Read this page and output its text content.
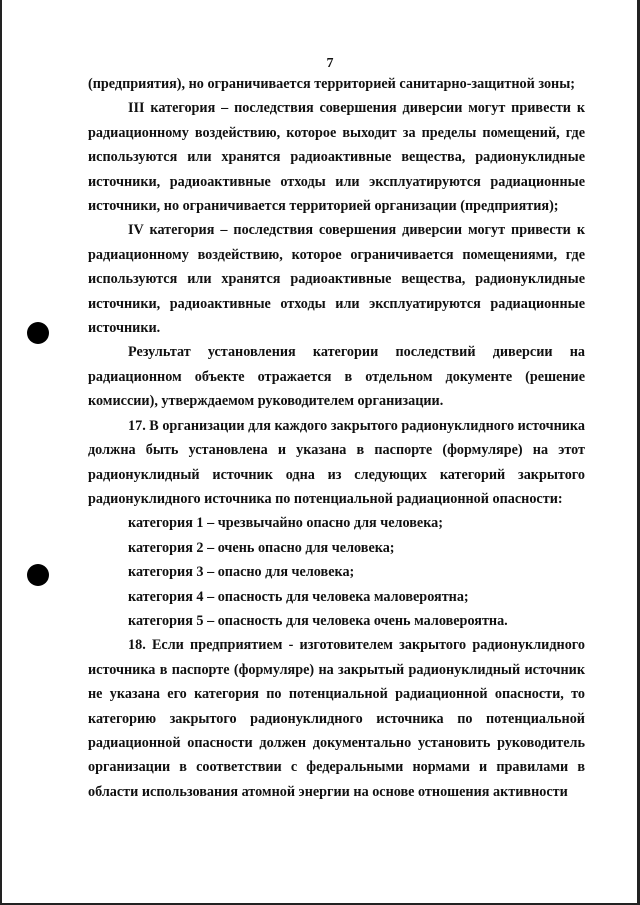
7

(предприятия), но ограничивается территорией санитарно-защитной зоны;

III категория – последствия совершения диверсии могут привести к радиационному воздействию, которое выходит за пределы помещений, где используются или хранятся радиоактивные вещества, радионуклидные источники, радиоактивные отходы или эксплуатируются радиационные источники, но ограничивается территорией организации (предприятия);

IV категория – последствия совершения диверсии могут привести к радиационному воздействию, которое ограничивается помещениями, где используются или хранятся радиоактивные вещества, радионуклидные источники, радиоактивные отходы или эксплуатируются радиационные источники.

Результат установления категории последствий диверсии на радиационном объекте отражается в отдельном документе (решение комиссии), утверждаемом руководителем организации.

17. В организации для каждого закрытого радионуклидного источника должна быть установлена и указана в паспорте (формуляре) на этот радионуклидный источник одна из следующих категорий закрытого радионуклидного источника по потенциальной радиационной опасности:

категория 1 – чрезвычайно опасно для человека;

категория 2 – очень опасно для человека;

категория 3 – опасно для человека;

категория 4 – опасность для человека маловероятна;

категория 5 – опасность для человека очень маловероятна.

18. Если предприятием - изготовителем закрытого радионуклидного источника в паспорте (формуляре) на закрытый радионуклидный источник не указана его категория по потенциальной радиационной опасности, то категорию закрытого радионуклидного источника по потенциальной радиационной опасности должен документально установить руководитель организации в соответствии с федеральными нормами и правилами в области использования атомной энергии на основе отношения активности
